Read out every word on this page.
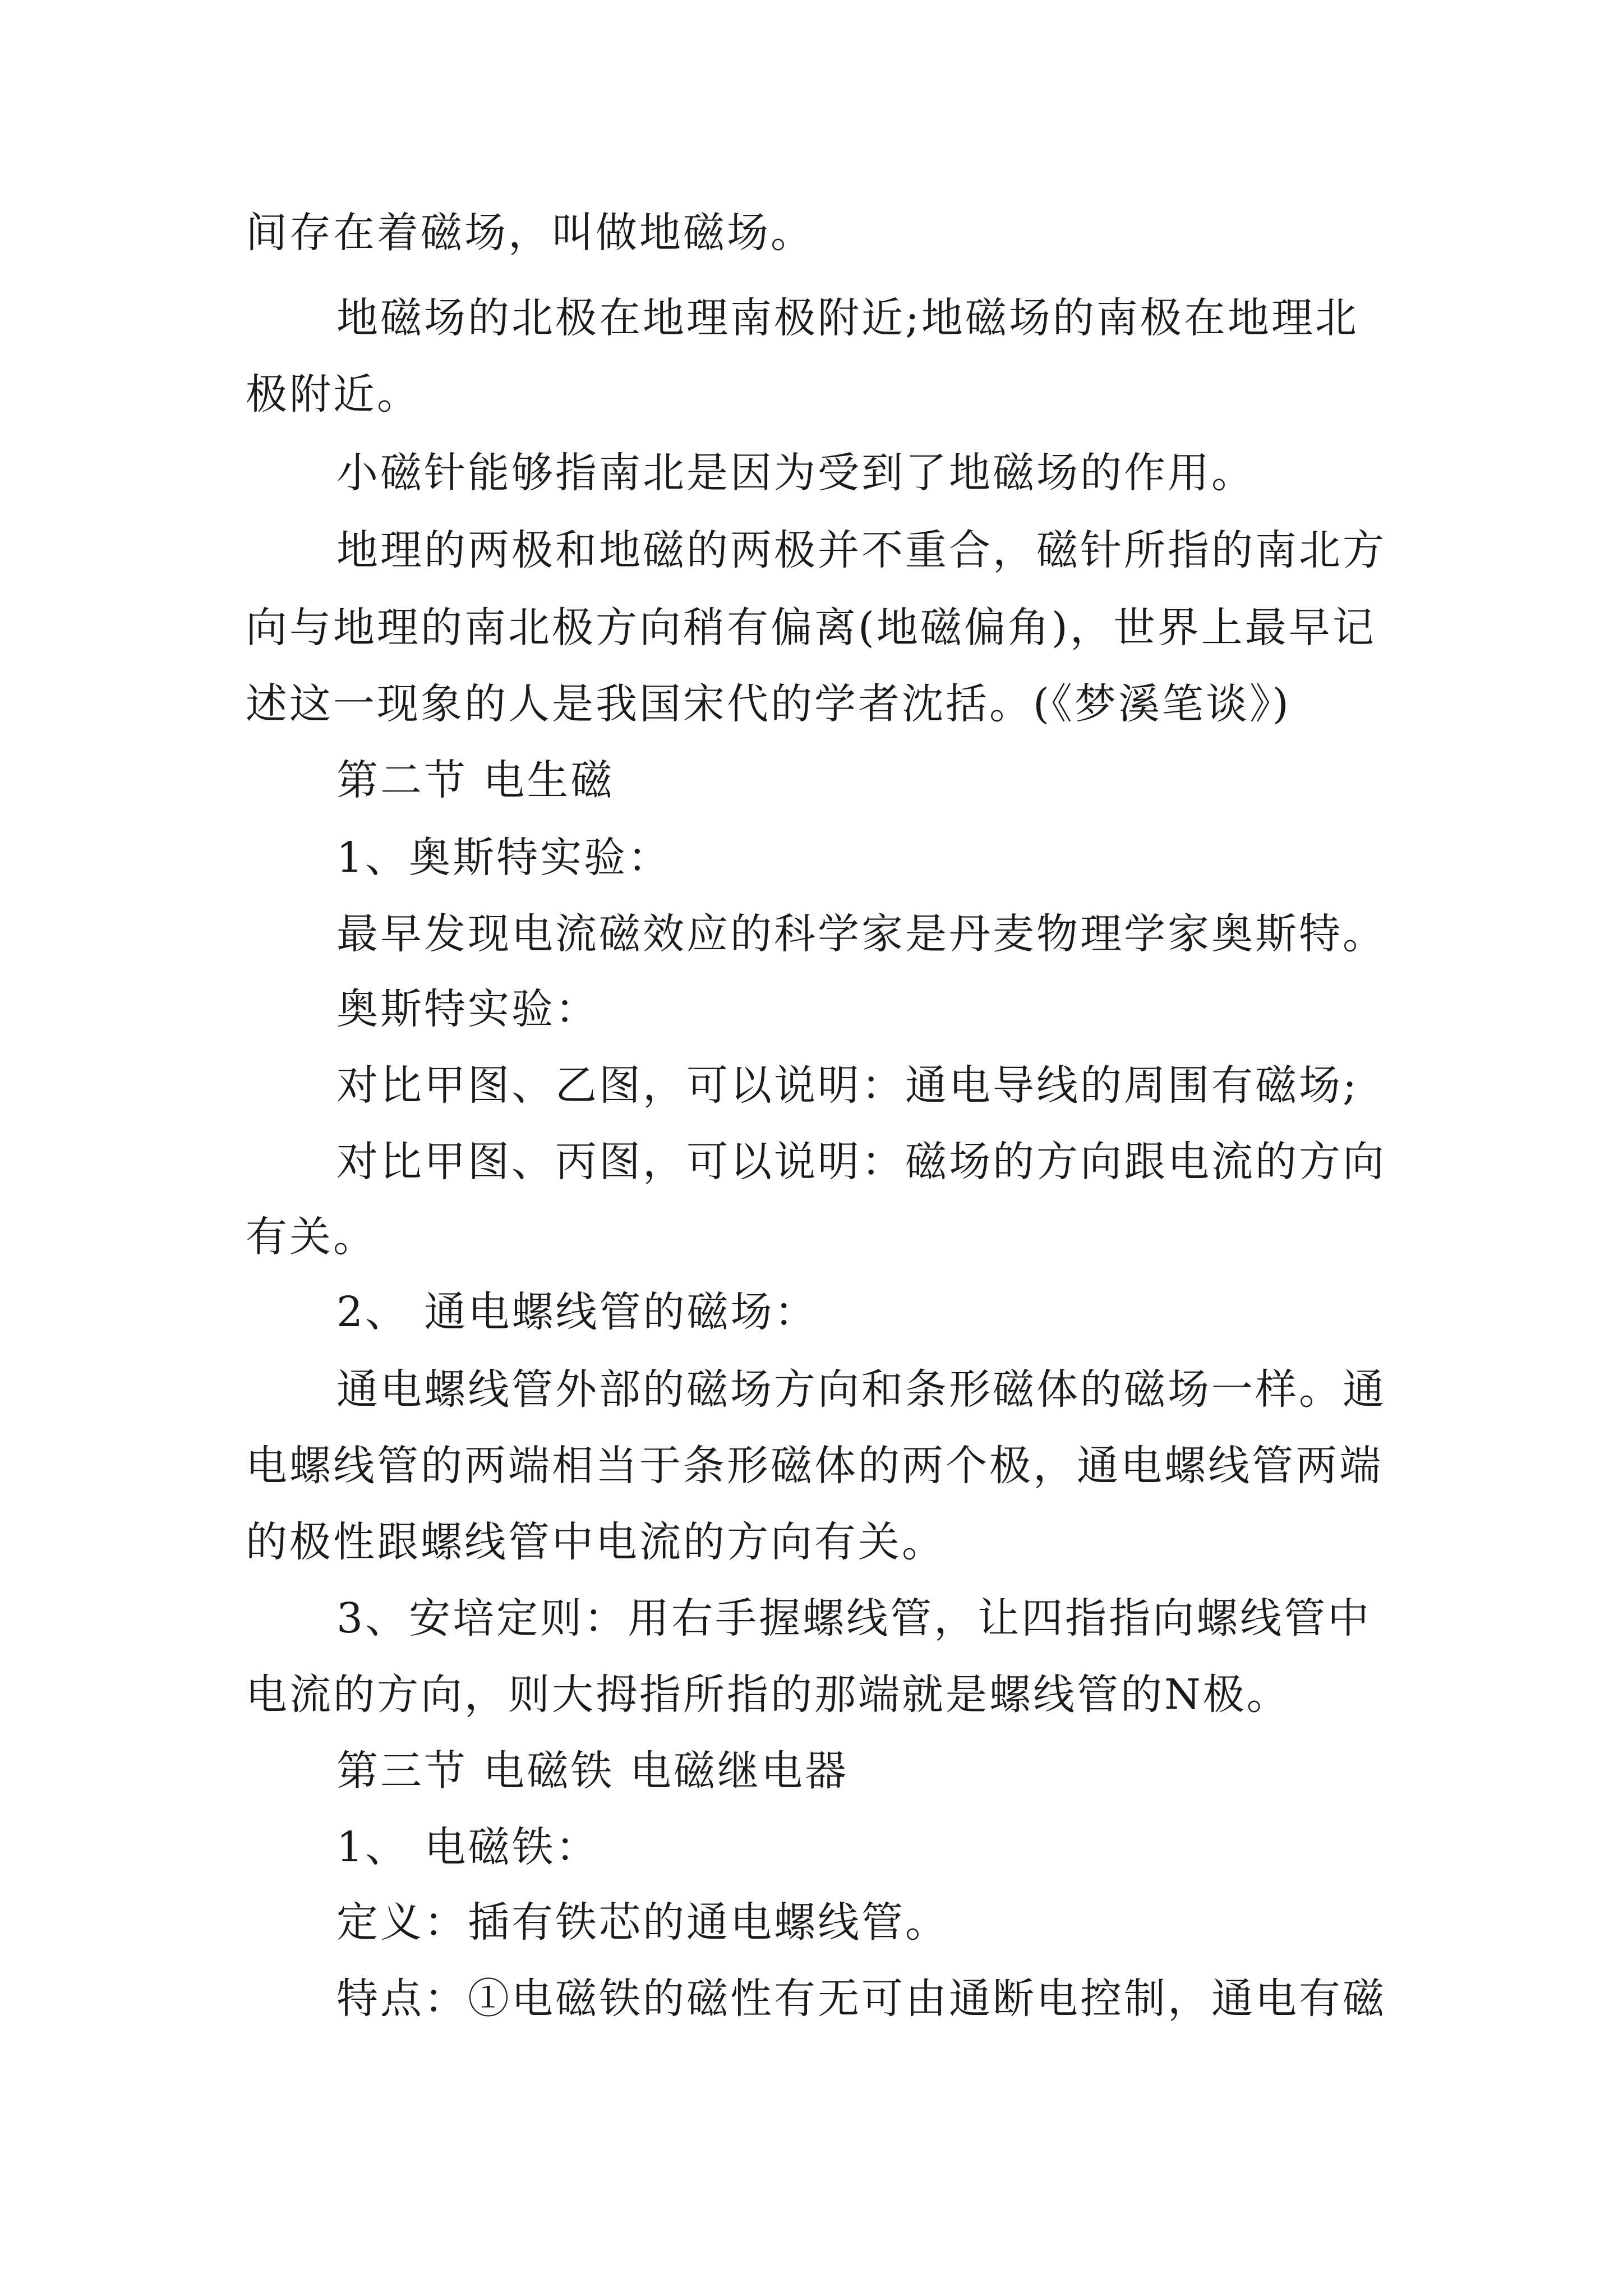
间存在着磁场，叫做地磁场。
地磁场的北极在地理南极附近;地磁场的南极在地理北
极附近。
小磁针能够指南北是因为受到了地磁场的作用。
地理的两极和地磁的两极并不重合，磁针所指的南北方
向与地理的南北极方向稍有偏离(地磁偏角)，世界上最早记
述这一现象的人是我国宋代的学者沈括。(《梦溪笔谈》)
第二节 电生磁
1、奥斯特实验：
最早发现电流磁效应的科学家是丹麦物理学家奥斯特。
奥斯特实验：
对比甲图、乙图，可以说明：通电导线的周围有磁场;
对比甲图、丙图，可以说明：磁场的方向跟电流的方向
有关。
2、 通电螺线管的磁场：
通电螺线管外部的磁场方向和条形磁体的磁场一样。通
电螺线管的两端相当于条形磁体的两个极，通电螺线管两端
的极性跟螺线管中电流的方向有关。
3、安培定则：用右手握螺线管，让四指指向螺线管中
电流的方向，则大拇指所指的那端就是螺线管的N极。
第三节 电磁铁 电磁继电器
1、 电磁铁：
定义：插有铁芯的通电螺线管。
特点：①电磁铁的磁性有无可由通断电控制，通电有磁
